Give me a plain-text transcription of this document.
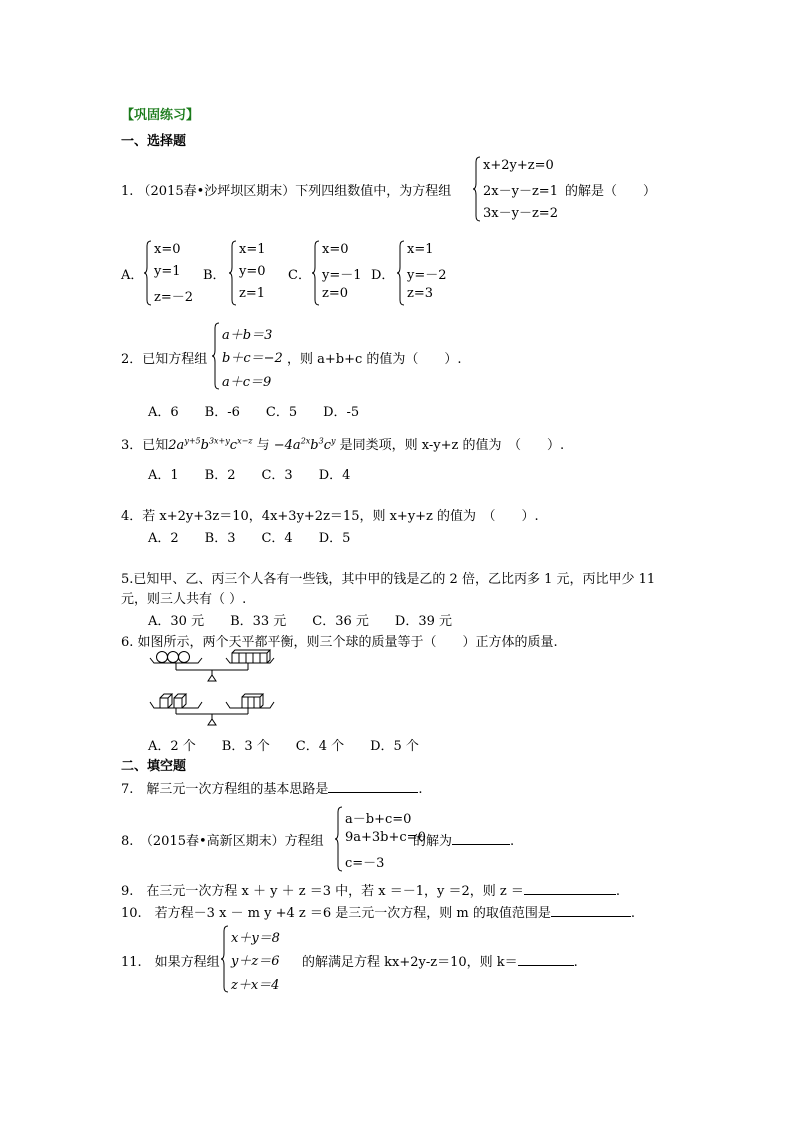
【巩固练习】
一、选择题
1. （2015春•沙坪坝区期末）下列四组数值中，为方程组
x+2y+z=0
2x－y－z=1
3x－y－z=2
的解是（　　）
A．
x=0
y=1
z=－2
B．
x=1
y=0
z=1
C．
x=0
y=－1
z=0
D．
x=1
y=－2
z=3
2．已知方程组
a＋b＝3
b＋c＝−2
a＋c＝9
，则 a+b+c 的值为（　　）.
A．6　　B．-6　　C．5　　D．-5
3．已知$2a^{y+5}b^{3x+y}c^{x-z}$ 与 $-4a^{2x}b^3c^y$ 是同类项，则 x-y+z 的值为　（　　）.
A．1　　B．2　　C．3　　D．4
4．若 x+2y+3z＝10，4x+3y+2z＝15，则 x+y+z 的值为　（　　）.
A．2　　B．3　　C．4　　D．5
5.已知甲、乙、丙三个人各有一些钱，其中甲的钱是乙的 2 倍，乙比丙多 1 元，丙比甲少 11
元，则三人共有（ ）.
A．30 元　　B．33 元　　C．36 元　　D．39 元
6. 如图所示，两个天平都平衡，则三个球的质量等于（　　）正方体的质量.
A．2 个　　B．3 个　　C．4 个　　D．5 个
二、填空题
7.　解三元一次方程组的基本思路是	.
8.　（2015春•高新区期末）方程组
a－b+c=0
9a+3b+c=0
c=－3
的解为	.
9.　在三元一次方程 x ＋ y ＋ z ＝3 中，若 x ＝－1，y ＝2，则 z ＝	.
10.　若方程－3 x － m y +4 z ＝6 是三元一次方程，则 m 的取值范围是	.
11.　如果方程组
x＋y＝8
y＋z＝6
z＋x＝4
的解满足方程 kx+2y-z＝10，则 k＝	.
